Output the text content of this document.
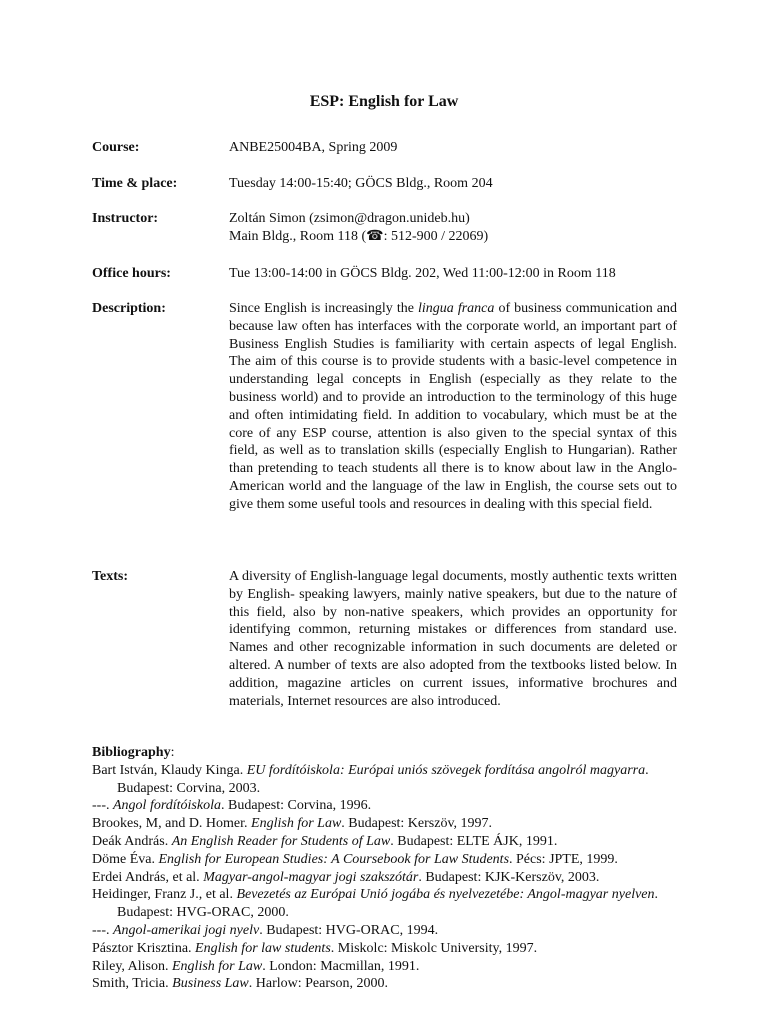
ESP: English for Law
Course:	ANBE25004BA, Spring 2009
Time & place:	Tuesday 14:00-15:40; GÖCS Bldg., Room 204
Instructor:	Zoltán Simon (zsimon@dragon.unideb.hu)
Main Bldg., Room 118 (☎: 512-900 / 22069)
Office hours:	Tue 13:00-14:00 in GÖCS Bldg. 202, Wed 11:00-12:00 in Room 118
Description:	Since English is increasingly the lingua franca of business communication and because law often has interfaces with the corporate world, an important part of Business English Studies is familiarity with certain aspects of legal English. The aim of this course is to provide students with a basic-level competence in understanding legal concepts in English (especially as they relate to the business world) and to provide an introduction to the terminology of this huge and often intimidating field. In addition to vocabulary, which must be at the core of any ESP course, attention is also given to the special syntax of this field, as well as to translation skills (especially English to Hungarian). Rather than pretending to teach students all there is to know about law in the Anglo-American world and the language of the law in English, the course sets out to give them some useful tools and resources in dealing with this special field.
Texts:	A diversity of English-language legal documents, mostly authentic texts written by English- speaking lawyers, mainly native speakers, but due to the nature of this field, also by non-native speakers, which provides an opportunity for identifying common, returning mistakes or differences from standard use. Names and other recognizable information in such documents are deleted or altered. A number of texts are also adopted from the textbooks listed below. In addition, magazine articles on current issues, informative brochures and materials, Internet resources are also introduced.
Bibliography:
Bart István, Klaudy Kinga. EU fordítóiskola: Európai uniós szövegek fordítása angolról magyarra. Budapest: Corvina, 2003.
---. Angol fordítóiskola. Budapest: Corvina, 1996.
Brookes, M, and D. Homer. English for Law. Budapest: Kerszöv, 1997.
Deák András. An English Reader for Students of Law. Budapest: ELTE ÁJK, 1991.
Döme Éva. English for European Studies: A Coursebook for Law Students. Pécs: JPTE, 1999.
Erdei András, et al. Magyar-angol-magyar jogi szakszótár. Budapest: KJK-Kerszöv, 2003.
Heidinger, Franz J., et al. Bevezetés az Európai Unió jogába és nyelvezetébe: Angol-magyar nyelven. Budapest: HVG-ORAC, 2000.
---. Angol-amerikai jogi nyelv. Budapest: HVG-ORAC, 1994.
Pásztor Krisztina. English for law students. Miskolc: Miskolc University, 1997.
Riley, Alison. English for Law. London: Macmillan, 1991.
Smith, Tricia. Business Law. Harlow: Pearson, 2000.
